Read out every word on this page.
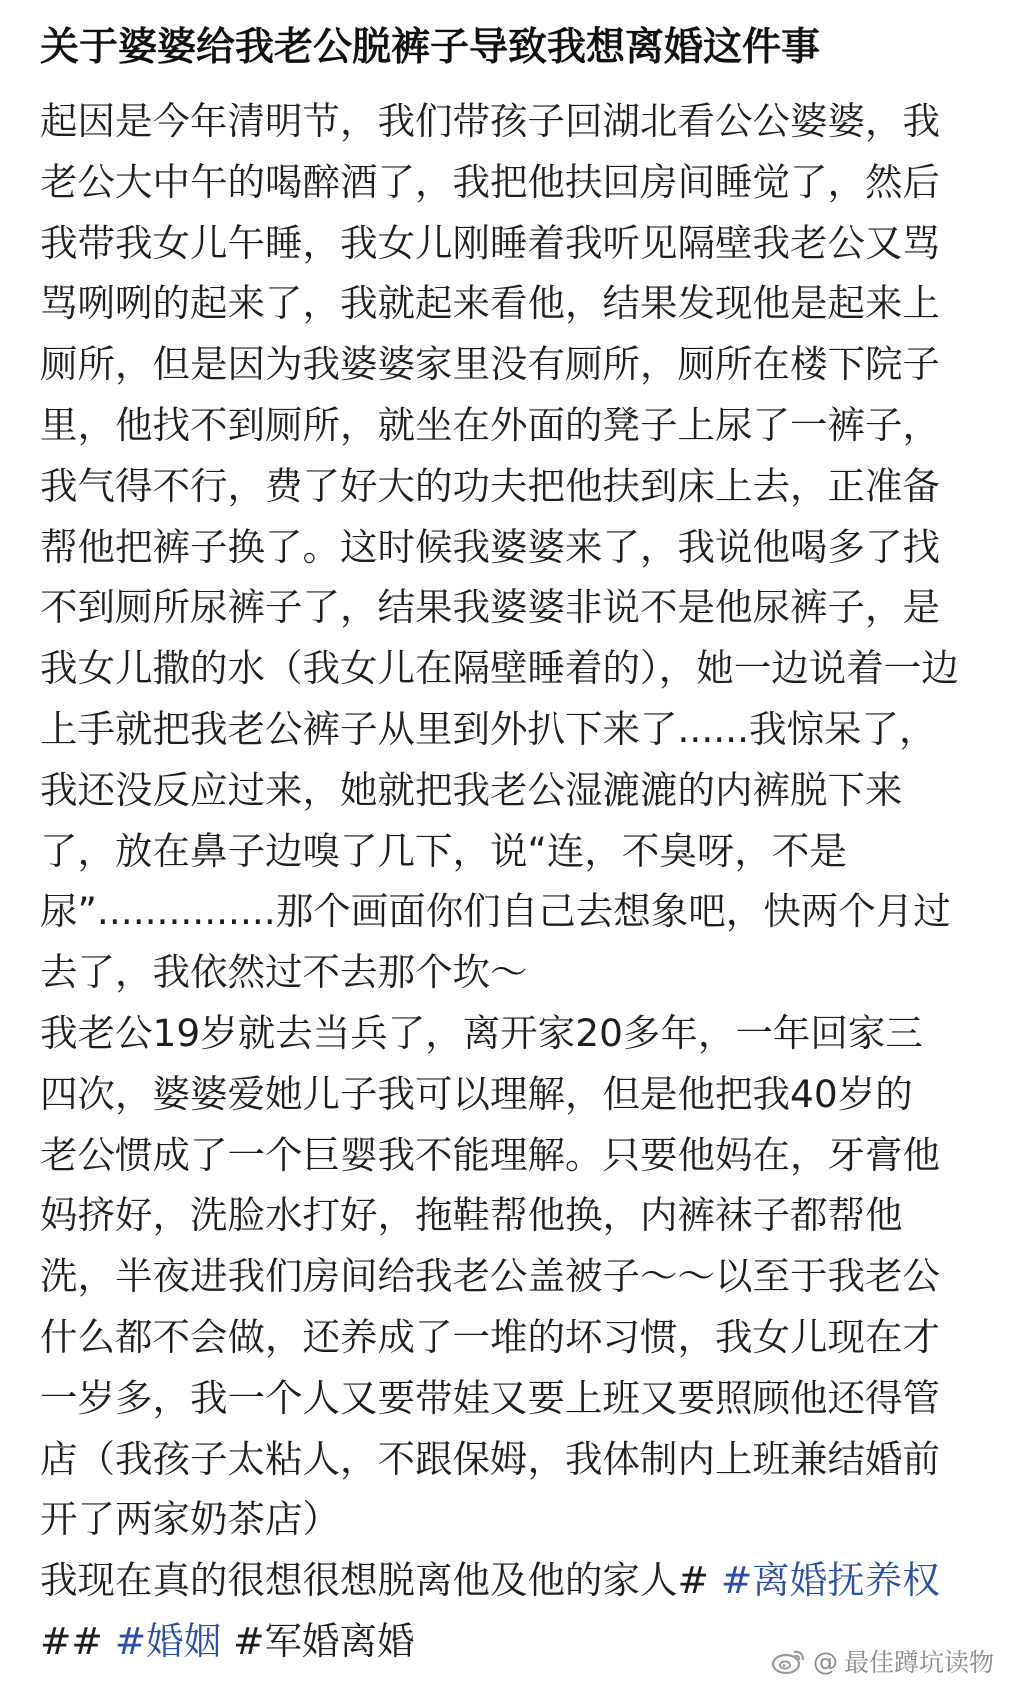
关于婆婆给我老公脱裤子导致我想离婚这件事
起因是今年清明节，我们带孩子回湖北看公公婆婆，我
老公大中午的喝醉酒了，我把他扶回房间睡觉了，然后
我带我女儿午睡，我女儿刚睡着我听见隔壁我老公又骂
骂咧咧的起来了，我就起来看他，结果发现他是起来上
厕所，但是因为我婆婆家里没有厕所，厕所在楼下院子
里，他找不到厕所，就坐在外面的凳子上尿了一裤子，
我气得不行，费了好大的功夫把他扶到床上去，正准备
帮他把裤子换了。这时候我婆婆来了，我说他喝多了找
不到厕所尿裤子了，结果我婆婆非说不是他尿裤子，是
我女儿撒的水（我女儿在隔壁睡着的），她一边说着一边
上手就把我老公裤子从里到外扒下来了......我惊呆了，
我还没反应过来，她就把我老公湿漉漉的内裤脱下来
了，放在鼻子边嗅了几下，说“连，不臭呀，不是
尿”...............那个画面你们自己去想象吧，快两个月过
去了，我依然过不去那个坎～
我老公19岁就去当兵了，离开家20多年，一年回家三
四次，婆婆爱她儿子我可以理解，但是他把我40岁的
老公惯成了一个巨婴我不能理解。只要他妈在，牙膏他
妈挤好，洗脸水打好，拖鞋帮他换，内裤袜子都帮他
洗，半夜进我们房间给我老公盖被子～～以至于我老公
什么都不会做，还养成了一堆的坏习惯，我女儿现在才
一岁多，我一个人又要带娃又要上班又要照顾他还得管
店（我孩子太粘人，不跟保姆，我体制内上班兼结婚前
开了两家奶茶店）
我现在真的很想很想脱离他及他的家人# #离婚抚养权
## #婚姻 #军婚离婚	@ 最佳蹲坑读物
